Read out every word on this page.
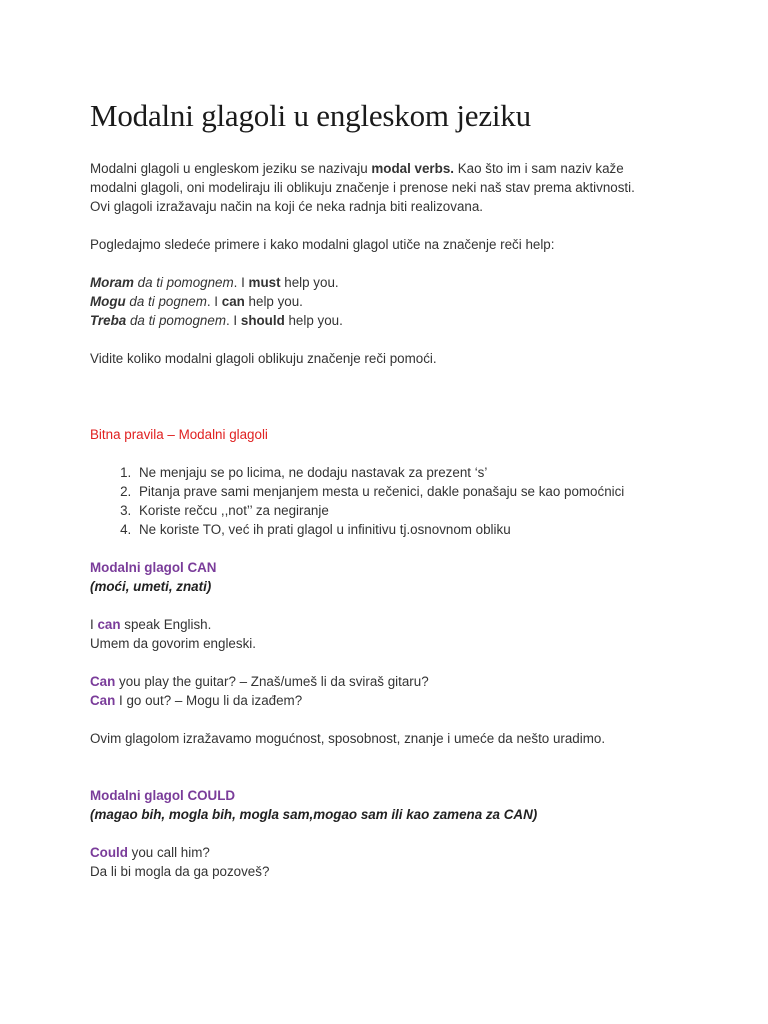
Modalni glagoli u engleskom jeziku

Modalni glagoli u engleskom jeziku se nazivaju modal verbs. Kao što im i sam naziv kaže
modalni glagoli, oni modeliraju ili oblikuju značenje i prenose neki naš stav prema aktivnosti.
Ovi glagoli izražavaju način na koji će neka radnja biti realizovana.

Pogledajmo sledeće primere i kako modalni glagol utiče na značenje reči help:

Moram da ti pomognem. I must help you.
Mogu da ti pognem. I can help you.
Treba da ti pomognem. I should help you.

Vidite koliko modalni glagoli oblikuju značenje reči pomoći.

Bitna pravila – Modalni glagoli

1. Ne menjaju se po licima, ne dodaju nastavak za prezent ‘s’
2. Pitanja prave sami menjanjem mesta u rečenici, dakle ponašaju se kao pomoćnici
3. Koriste rečcu ,,not’’ za negiranje
4. Ne koriste TO, već ih prati glagol u infinitivu tj.osnovnom obliku

Modalni glagol CAN

(moći, umeti, znati)

I can speak English.
Umem da govorim engleski.

Can you play the guitar? – Znaš/umeš li da sviraš gitaru?
Can I go out? – Mogu li da izađem?

Ovim glagolom izražavamo mogućnost, sposobnost, znanje i umeće da nešto uradimo.

Modalni glagol COULD

(magao bih, mogla bih, mogla sam,mogao sam ili kao zamena za CAN)

Could you call him?
Da li bi mogla da ga pozoveš?
